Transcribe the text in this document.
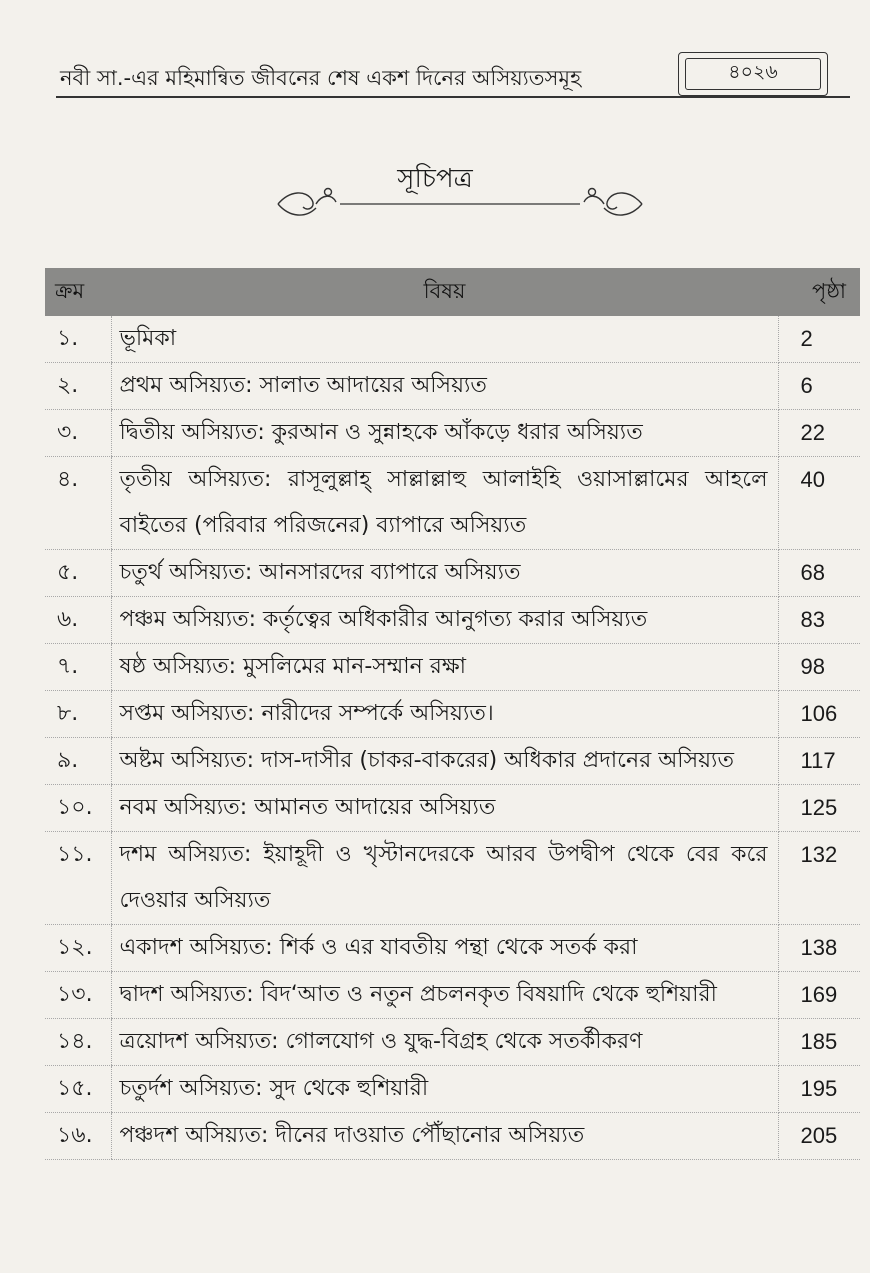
নবী সা.-এর মহিমান্বিত জীবনের শেষ একশ দিনের অসিয়্যতসমূহ	৪০২৬
সূচিপত্র
ক্রম	বিষয়	পৃষ্ঠা
১.	ভূমিকা	2
২.	প্রথম অসিয়্যত: সালাত আদায়ের অসিয়্যত	6
৩.	দ্বিতীয় অসিয়্যত: কুরআন ও সুন্নাহকে আঁকড়ে ধরার অসিয়্যত	22
৪.	তৃতীয় অসিয়্যত: রাসূলুল্লাহ্ সাল্লাল্লাহু আলাইহি ওয়াসাল্লামের আহলে বাইতের (পরিবার পরিজনের) ব্যাপারে অসিয়্যত	40
৫.	চতুর্থ অসিয়্যত: আনসারদের ব্যাপারে অসিয়্যত	68
৬.	পঞ্চম অসিয়্যত: কর্তৃত্বের অধিকারীর আনুগত্য করার অসিয়্যত	83
৭.	ষষ্ঠ অসিয়্যত: মুসলিমের মান-সম্মান রক্ষা	98
৮.	সপ্তম অসিয়্যত: নারীদের সম্পর্কে অসিয়্যত।	106
৯.	অষ্টম অসিয়্যত: দাস-দাসীর (চাকর-বাকরের) অধিকার প্রদানের অসিয়্যত	117
১০.	নবম অসিয়্যত: আমানত আদায়ের অসিয়্যত	125
১১.	দশম অসিয়্যত: ইয়াহূদী ও খৃস্টানদেরকে আরব উপদ্বীপ থেকে বের করে দেওয়ার অসিয়্যত	132
১২.	একাদশ অসিয়্যত: শির্ক ও এর যাবতীয় পন্থা থেকে সতর্ক করা	138
১৩.	দ্বাদশ অসিয়্যত: বিদ‘আত ও নতুন প্রচলনকৃত বিষয়াদি থেকে হুশিয়ারী	169
১৪.	ত্রয়োদশ অসিয়্যত: গোলযোগ ও যুদ্ধ-বিগ্রহ থেকে সতর্কীকরণ	185
১৫.	চতুর্দশ অসিয়্যত: সুদ থেকে হুশিয়ারী	195
১৬.	পঞ্চদশ অসিয়্যত: দীনের দাওয়াত পৌঁছানোর অসিয়্যত	205
